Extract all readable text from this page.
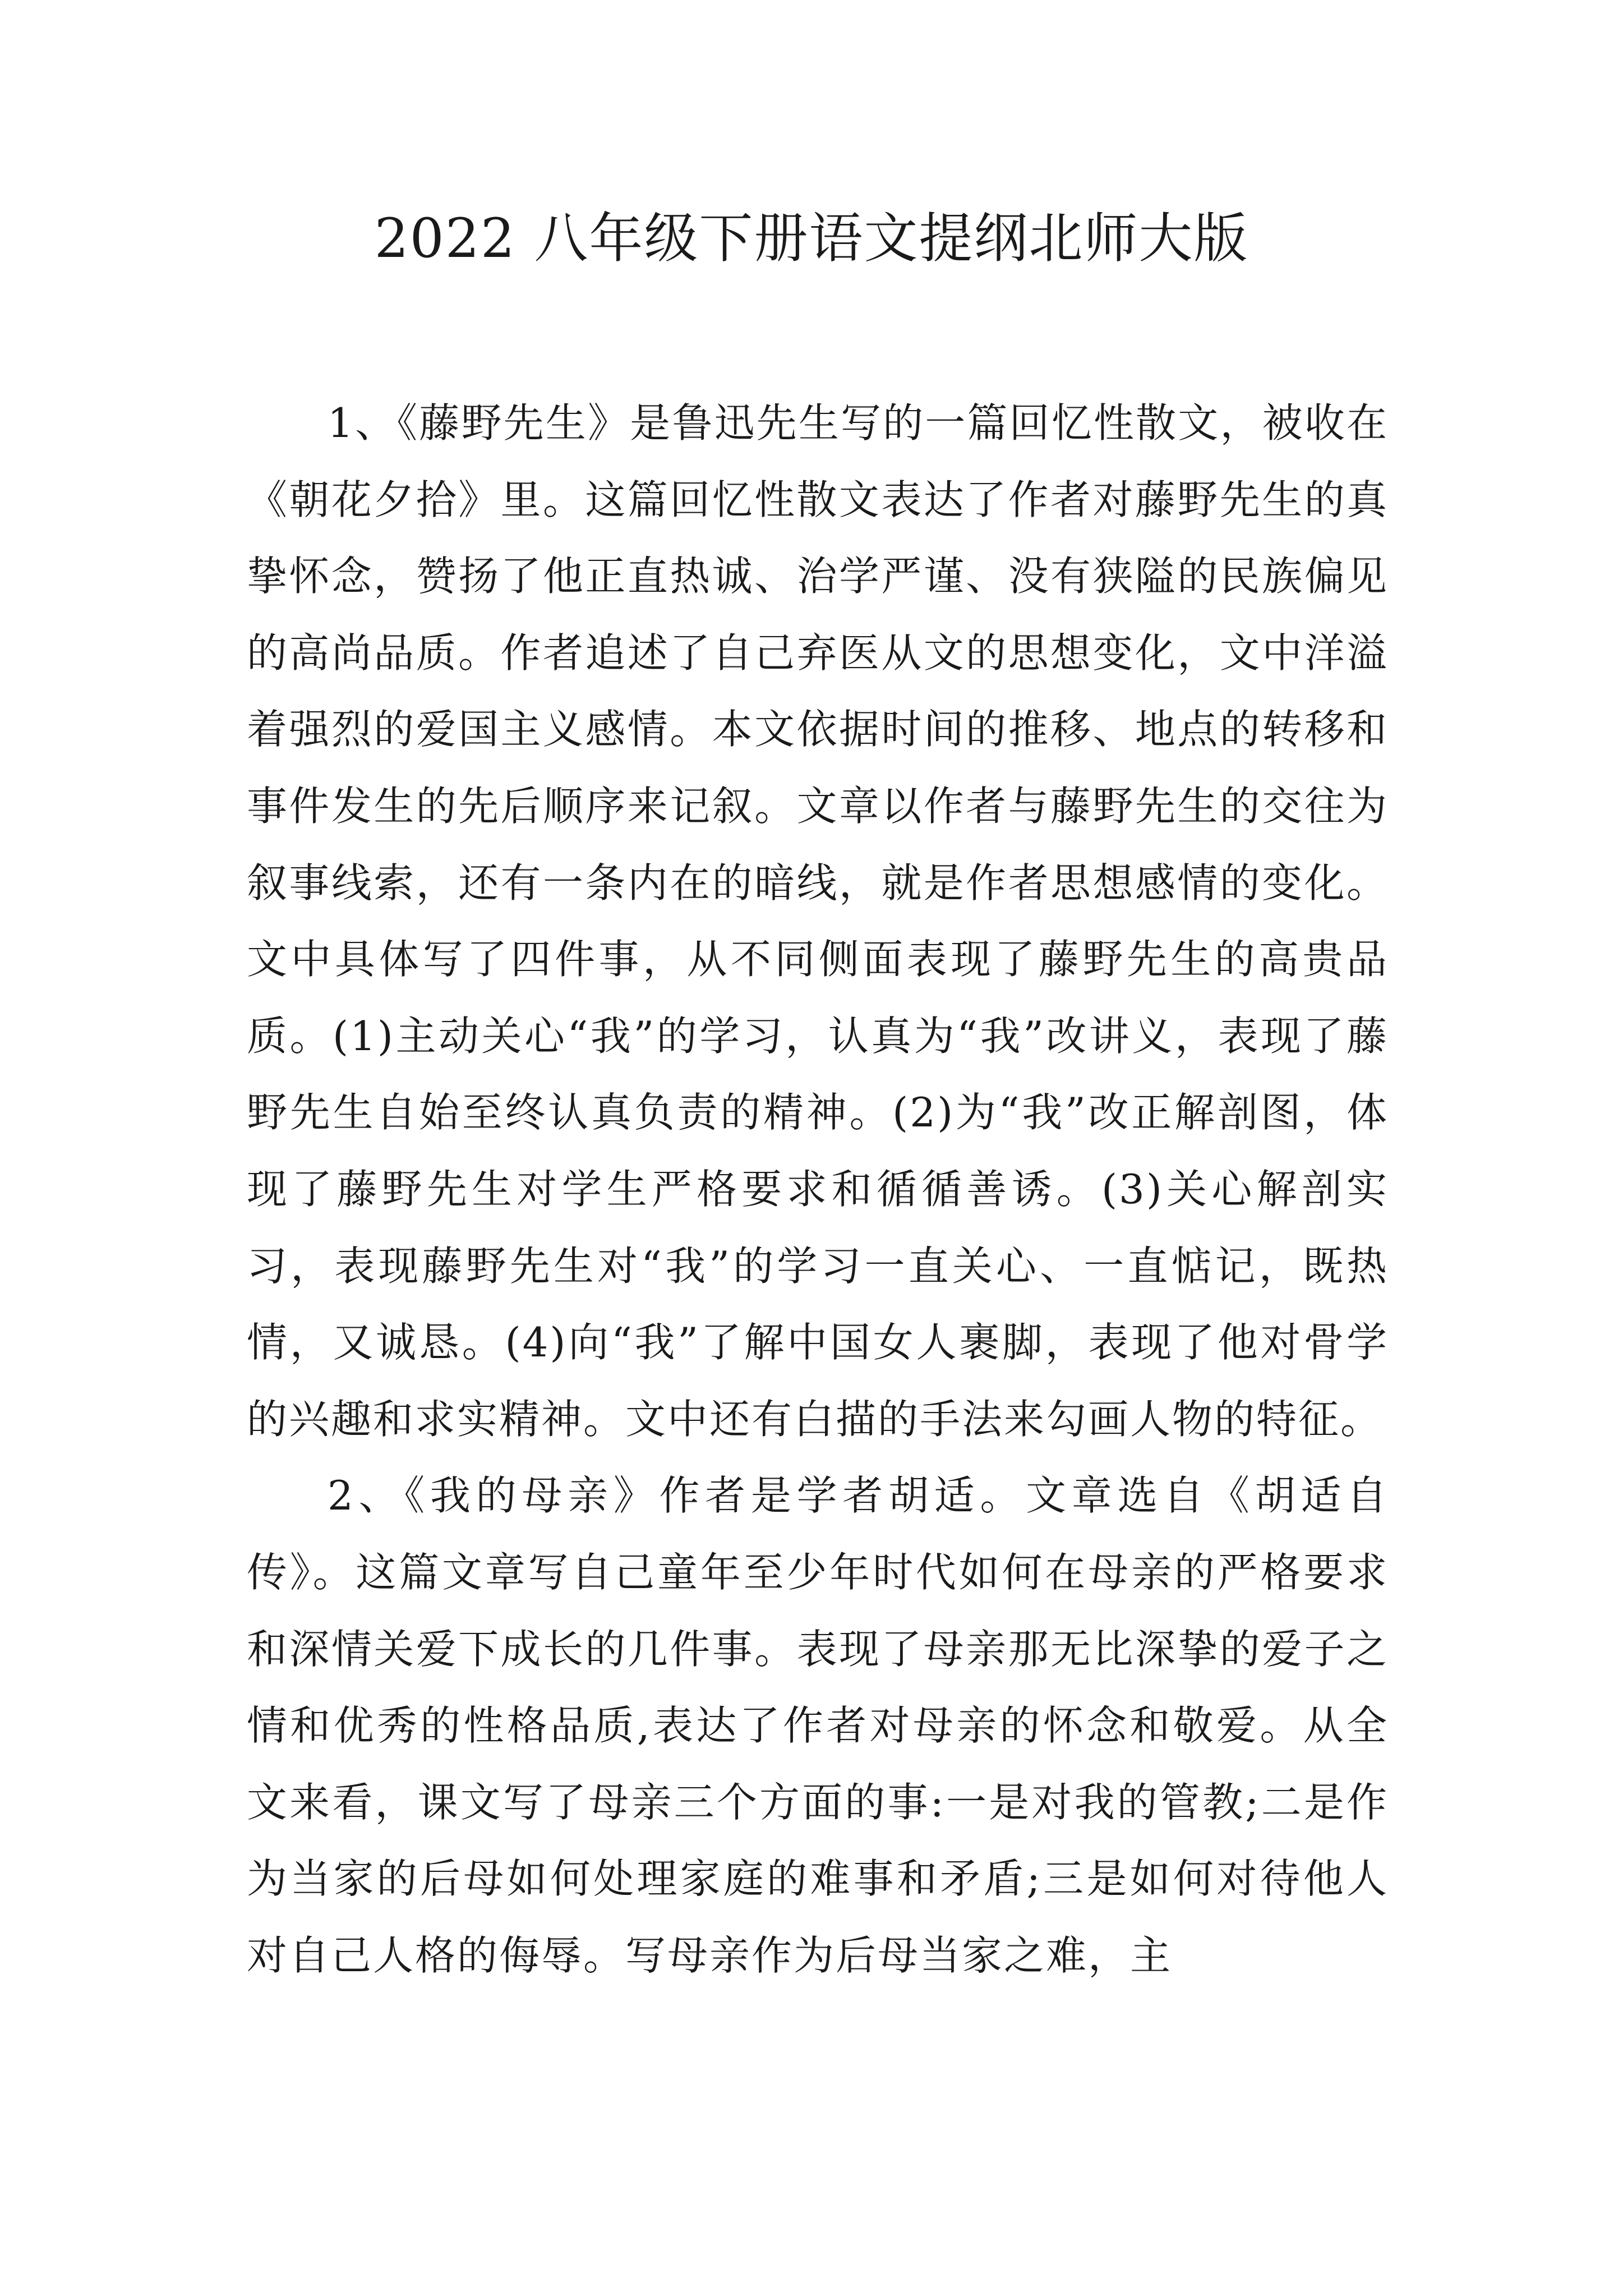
2022 八年级下册语文提纲北师大版

1、《藤野先生》是鲁迅先生写的一篇回忆性散文，被收在《朝花夕拾》里。这篇回忆性散文表达了作者对藤野先生的真挚怀念，赞扬了他正直热诚、治学严谨、没有狭隘的民族偏见的高尚品质。作者追述了自己弃医从文的思想变化，文中洋溢着强烈的爱国主义感情。本文依据时间的推移、地点的转移和事件发生的先后顺序来记叙。文章以作者与藤野先生的交往为叙事线索，还有一条内在的暗线，就是作者思想感情的变化。文中具体写了四件事，从不同侧面表现了藤野先生的高贵品质。(1)主动关心“我”的学习，认真为“我”改讲义，表现了藤野先生自始至终认真负责的精神。(2)为“我”改正解剖图，体现了藤野先生对学生严格要求和循循善诱。(3)关心解剖实习，表现藤野先生对“我”的学习一直关心、一直惦记，既热情，又诚恳。(4)向“我”了解中国女人裹脚，表现了他对骨学的兴趣和求实精神。文中还有白描的手法来勾画人物的特征。

2、《我的母亲》作者是学者胡适。文章选自《胡适自传》。这篇文章写自己童年至少年时代如何在母亲的严格要求和深情关爱下成长的几件事。表现了母亲那无比深挚的爱子之情和优秀的性格品质,表达了作者对母亲的怀念和敬爱。从全文来看，课文写了母亲三个方面的事:一是对我的管教;二是作为当家的后母如何处理家庭的难事和矛盾;三是如何对待他人对自己人格的侮辱。写母亲作为后母当家之难，主
